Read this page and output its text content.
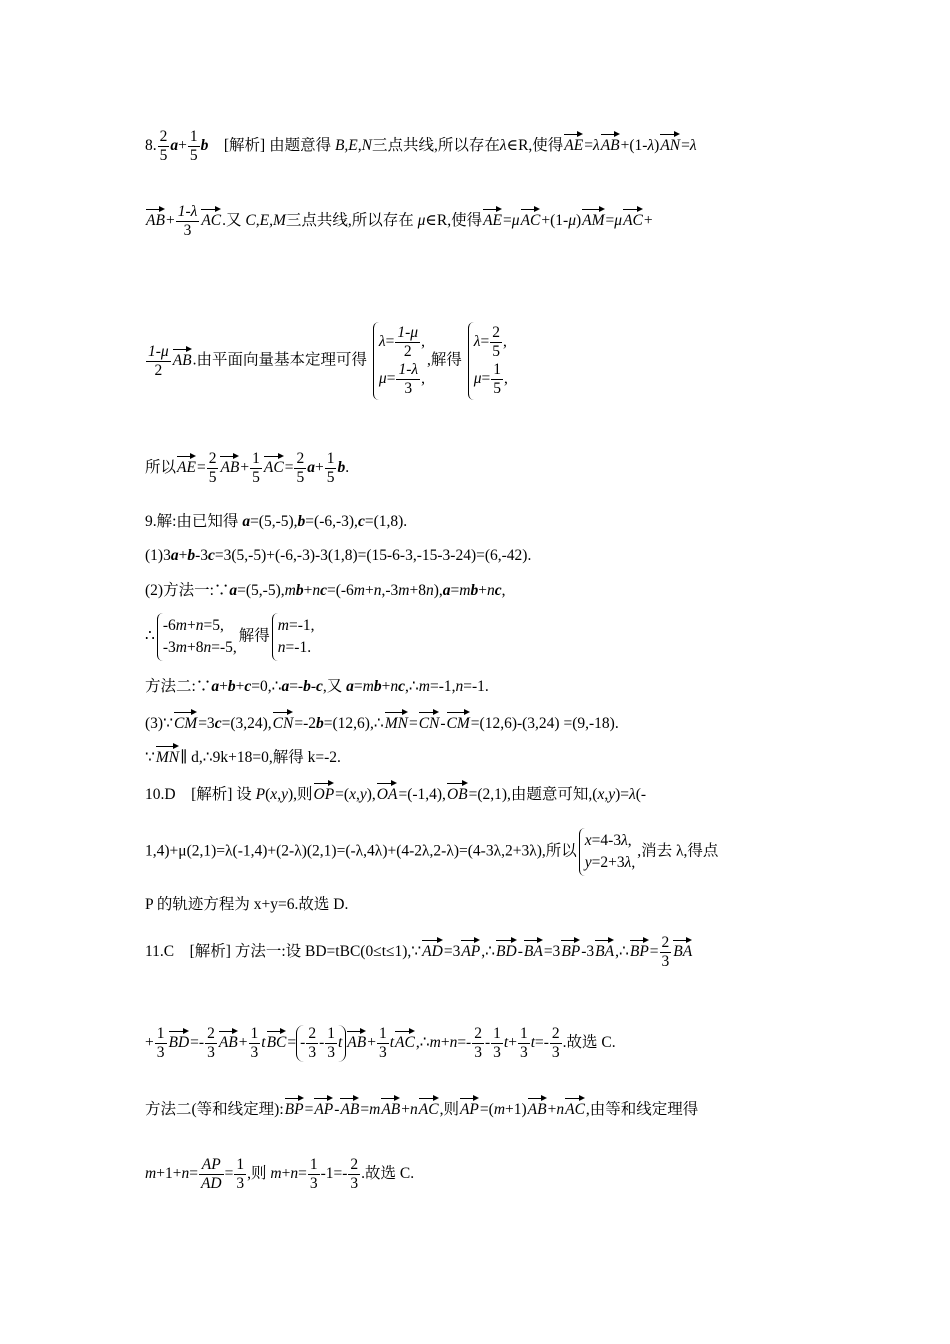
8. $\frac{2}{5} a+ \frac{1}{5}$ b [解析] 由题意得 B,E,N三点共线,所以存在λ∈R,使得AE=λAB+(1-λ)AN=λ
$AB+ \frac{1-\lambda}{3}$ AC.又 C,E,M三点共线,所以存在 μ∈R,使得AE=μAC+(1-μ)AM=μAC+
$\frac{1-\mu}{2}$ AB.由平面向量基本定理可得
$\lambda= \frac{1-\mu}{2}$ ,
$\mu= \frac{1-\lambda}{3}$ ,
,解得
$\lambda= \frac{2}{5}$ ,
$\mu= \frac{1}{5}$ ,
所以$AE= \frac{2}{5} AB+ \frac{1}{5} AC= \frac{2}{5} a+ \frac{1}{5} b$.
9.解:由已知得 a=(5,-5),b=(-6,-3),c=(1,8).
(1)3a+b-3c=3(5,-5)+(-6,-3)-3(1,8)=(15-6-3,-15-3-24)=(6,-42).
(2)方法一:∵a=(5,-5),mb+nc=(-6m+n,-3m+8n),a=mb+nc,
∴
-6m+n=5,
-3m+8n=-5,
解得
m=-1,
n=-1.
方法二:∵a+b+c=0,∴a=-b-c,又 a=mb+nc,∴m=-1,n=-1.
(3)∵CM=3c=(3,24),CN=-2b=(12,6),∴MN=CN-CM=(12,6)-(3,24) =(9,-18).
∵MN∥ d,∴9k+18=0,解得 k=-2.
10.D [解析] 设 P(x,y),则OP=(x,y),OA=(-1,4),OB=(2,1),由题意可知,(x,y)=λ(-
1,4)+μ(2,1)=λ(-1,4)+(2-λ)(2,1)=(-λ,4λ)+(4-2λ,2-λ)=(4-3λ,2+3λ),所以
x=4-3λ,
y=2+3λ,
,消去 λ,得点
P 的轨迹方程为 x+y=6.故选 D.
11.C [解析] 方法一:设 BD=tBC(0≤t≤1),∵AD=3AP,∴BD-BA=3BP-3BA,∴BP= $\frac{2}{3}$ BA
+ $\frac{1}{3} BD=- \frac{2}{3} AB+ \frac{1}{3} tBC= - \frac{2}{3} - \frac{1}{3}$ t $AB+ \frac{1}{3}$ tAC,∴m+n=- $\frac{2}{3} - \frac{1}{3} t+ \frac{1}{3} t=- \frac{2}{3}$ .故选 C.
方法二(等和线定理):BP=AP-AB=mAB+nAC,则AP=(m+1)AB+nAC,由等和线定理得
$m+1+n= \frac{AP}{AD} = \frac{1}{3}$ ,则 $m+n= \frac{1}{3} -1=- \frac{2}{3}$ .故选 C.
